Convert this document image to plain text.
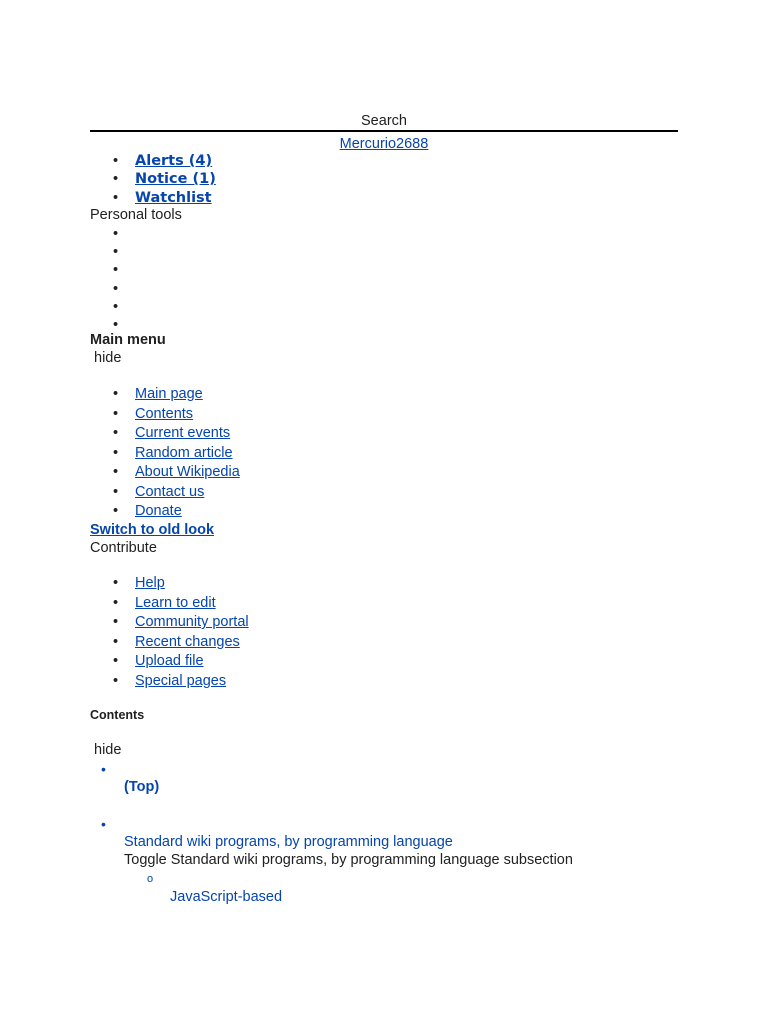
Search
Mercurio2688
• Alerts (4)
• Notice (1)
• Watchlist
Personal tools
•
•
•
•
•
•
Main menu
hide
• Main page
• Contents
• Current events
• Random article
• About Wikipedia
• Contact us
• Donate
Switch to old look
Contribute
• Help
• Learn to edit
• Community portal
• Recent changes
• Upload file
• Special pages
Contents
hide
•
(Top)
•
Standard wiki programs, by programming language
Toggle Standard wiki programs, by programming language subsection
o
JavaScript-based
